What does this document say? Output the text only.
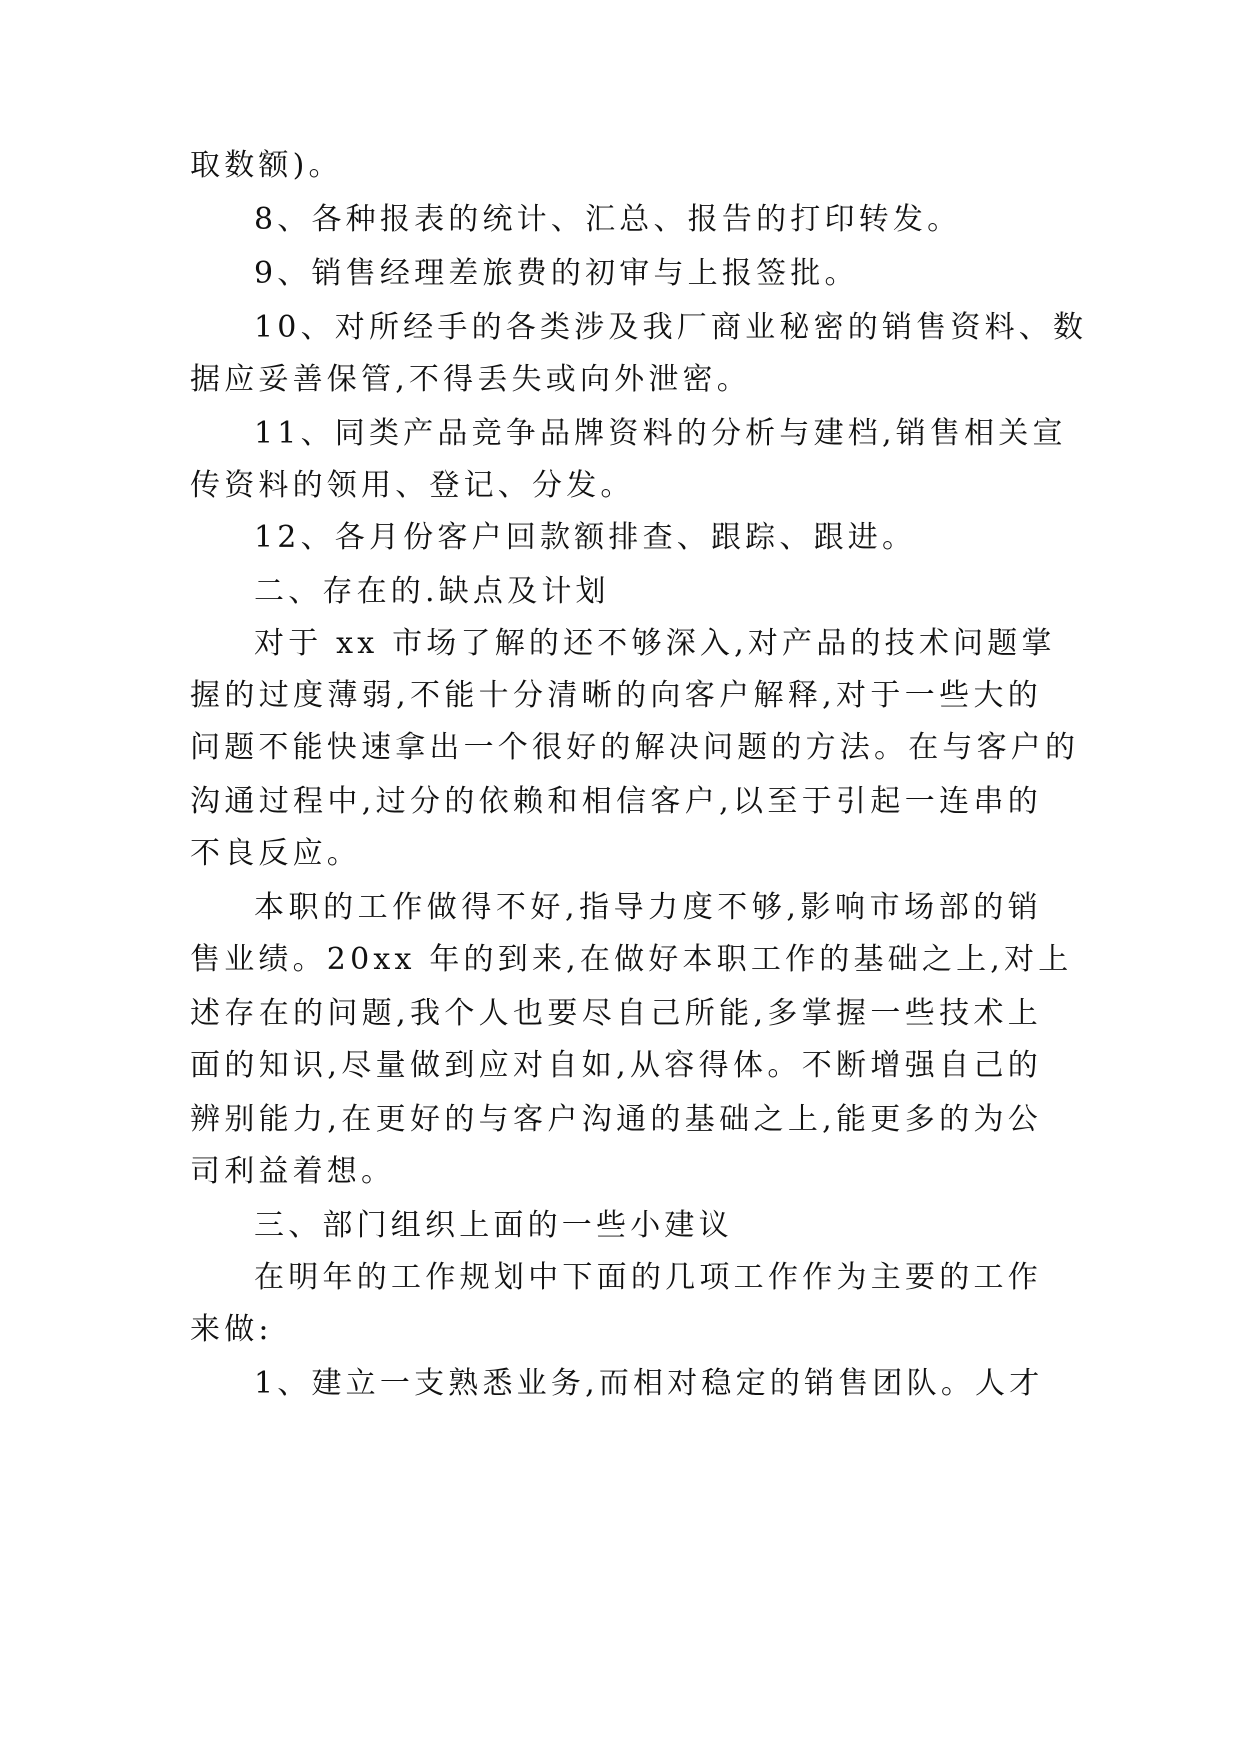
取数额)。
8、各种报表的统计、汇总、报告的打印转发。
9、销售经理差旅费的初审与上报签批。
10、对所经手的各类涉及我厂商业秘密的销售资料、数
据应妥善保管,不得丢失或向外泄密。
11、同类产品竞争品牌资料的分析与建档,销售相关宣
传资料的领用、登记、分发。
12、各月份客户回款额排查、跟踪、跟进。
二、存在的.缺点及计划
对于 xx 市场了解的还不够深入,对产品的技术问题掌
握的过度薄弱,不能十分清晰的向客户解释,对于一些大的
问题不能快速拿出一个很好的解决问题的方法。在与客户的
沟通过程中,过分的依赖和相信客户,以至于引起一连串的
不良反应。
本职的工作做得不好,指导力度不够,影响市场部的销
售业绩。20xx 年的到来,在做好本职工作的基础之上,对上
述存在的问题,我个人也要尽自己所能,多掌握一些技术上
面的知识,尽量做到应对自如,从容得体。不断增强自己的
辨别能力,在更好的与客户沟通的基础之上,能更多的为公
司利益着想。
三、部门组织上面的一些小建议
在明年的工作规划中下面的几项工作作为主要的工作
来做:
1、建立一支熟悉业务,而相对稳定的销售团队。人才
